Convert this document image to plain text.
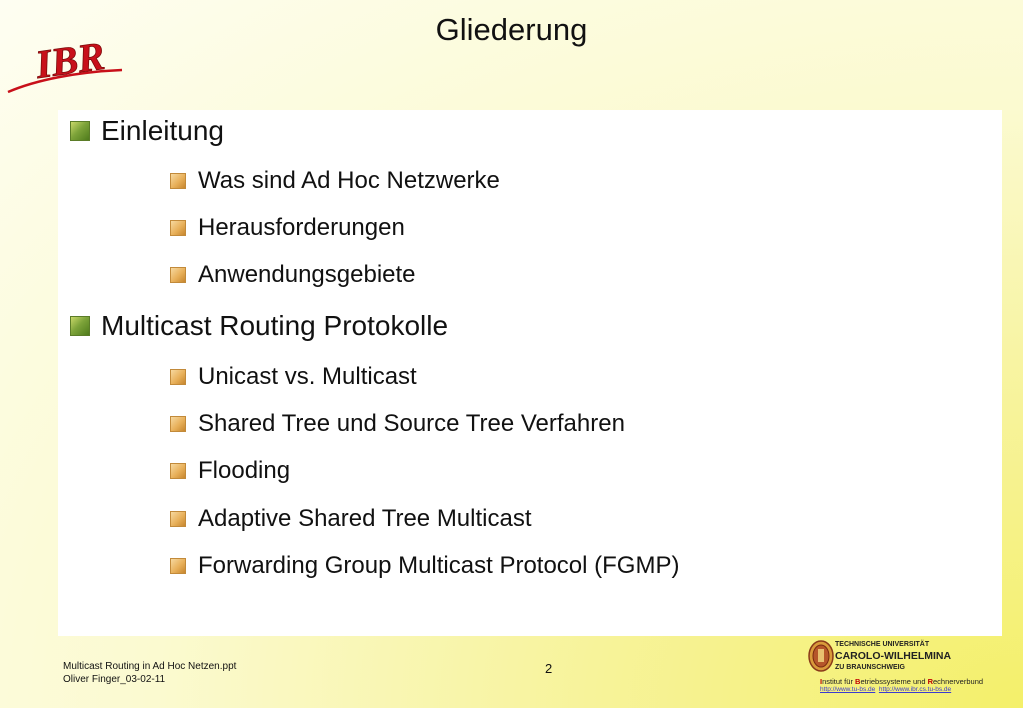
IBR
Gliederung
Einleitung
Was sind Ad Hoc Netzwerke
Herausforderungen
Anwendungsgebiete
Multicast Routing Protokolle
Unicast vs. Multicast
Shared Tree und Source Tree Verfahren
Flooding
Adaptive Shared Tree Multicast
Forwarding Group Multicast Protocol (FGMP)
Multicast Routing in Ad Hoc Netzen.ppt
Oliver Finger_03-02-11
2
TECHNISCHE UNIVERSITÄT
CAROLO-WILHELMINA
ZU BRAUNSCHWEIG
Institut für Betriebssysteme und Rechnerverbund
http://www.tu-bs.de http://www.ibr.cs.tu-bs.de
